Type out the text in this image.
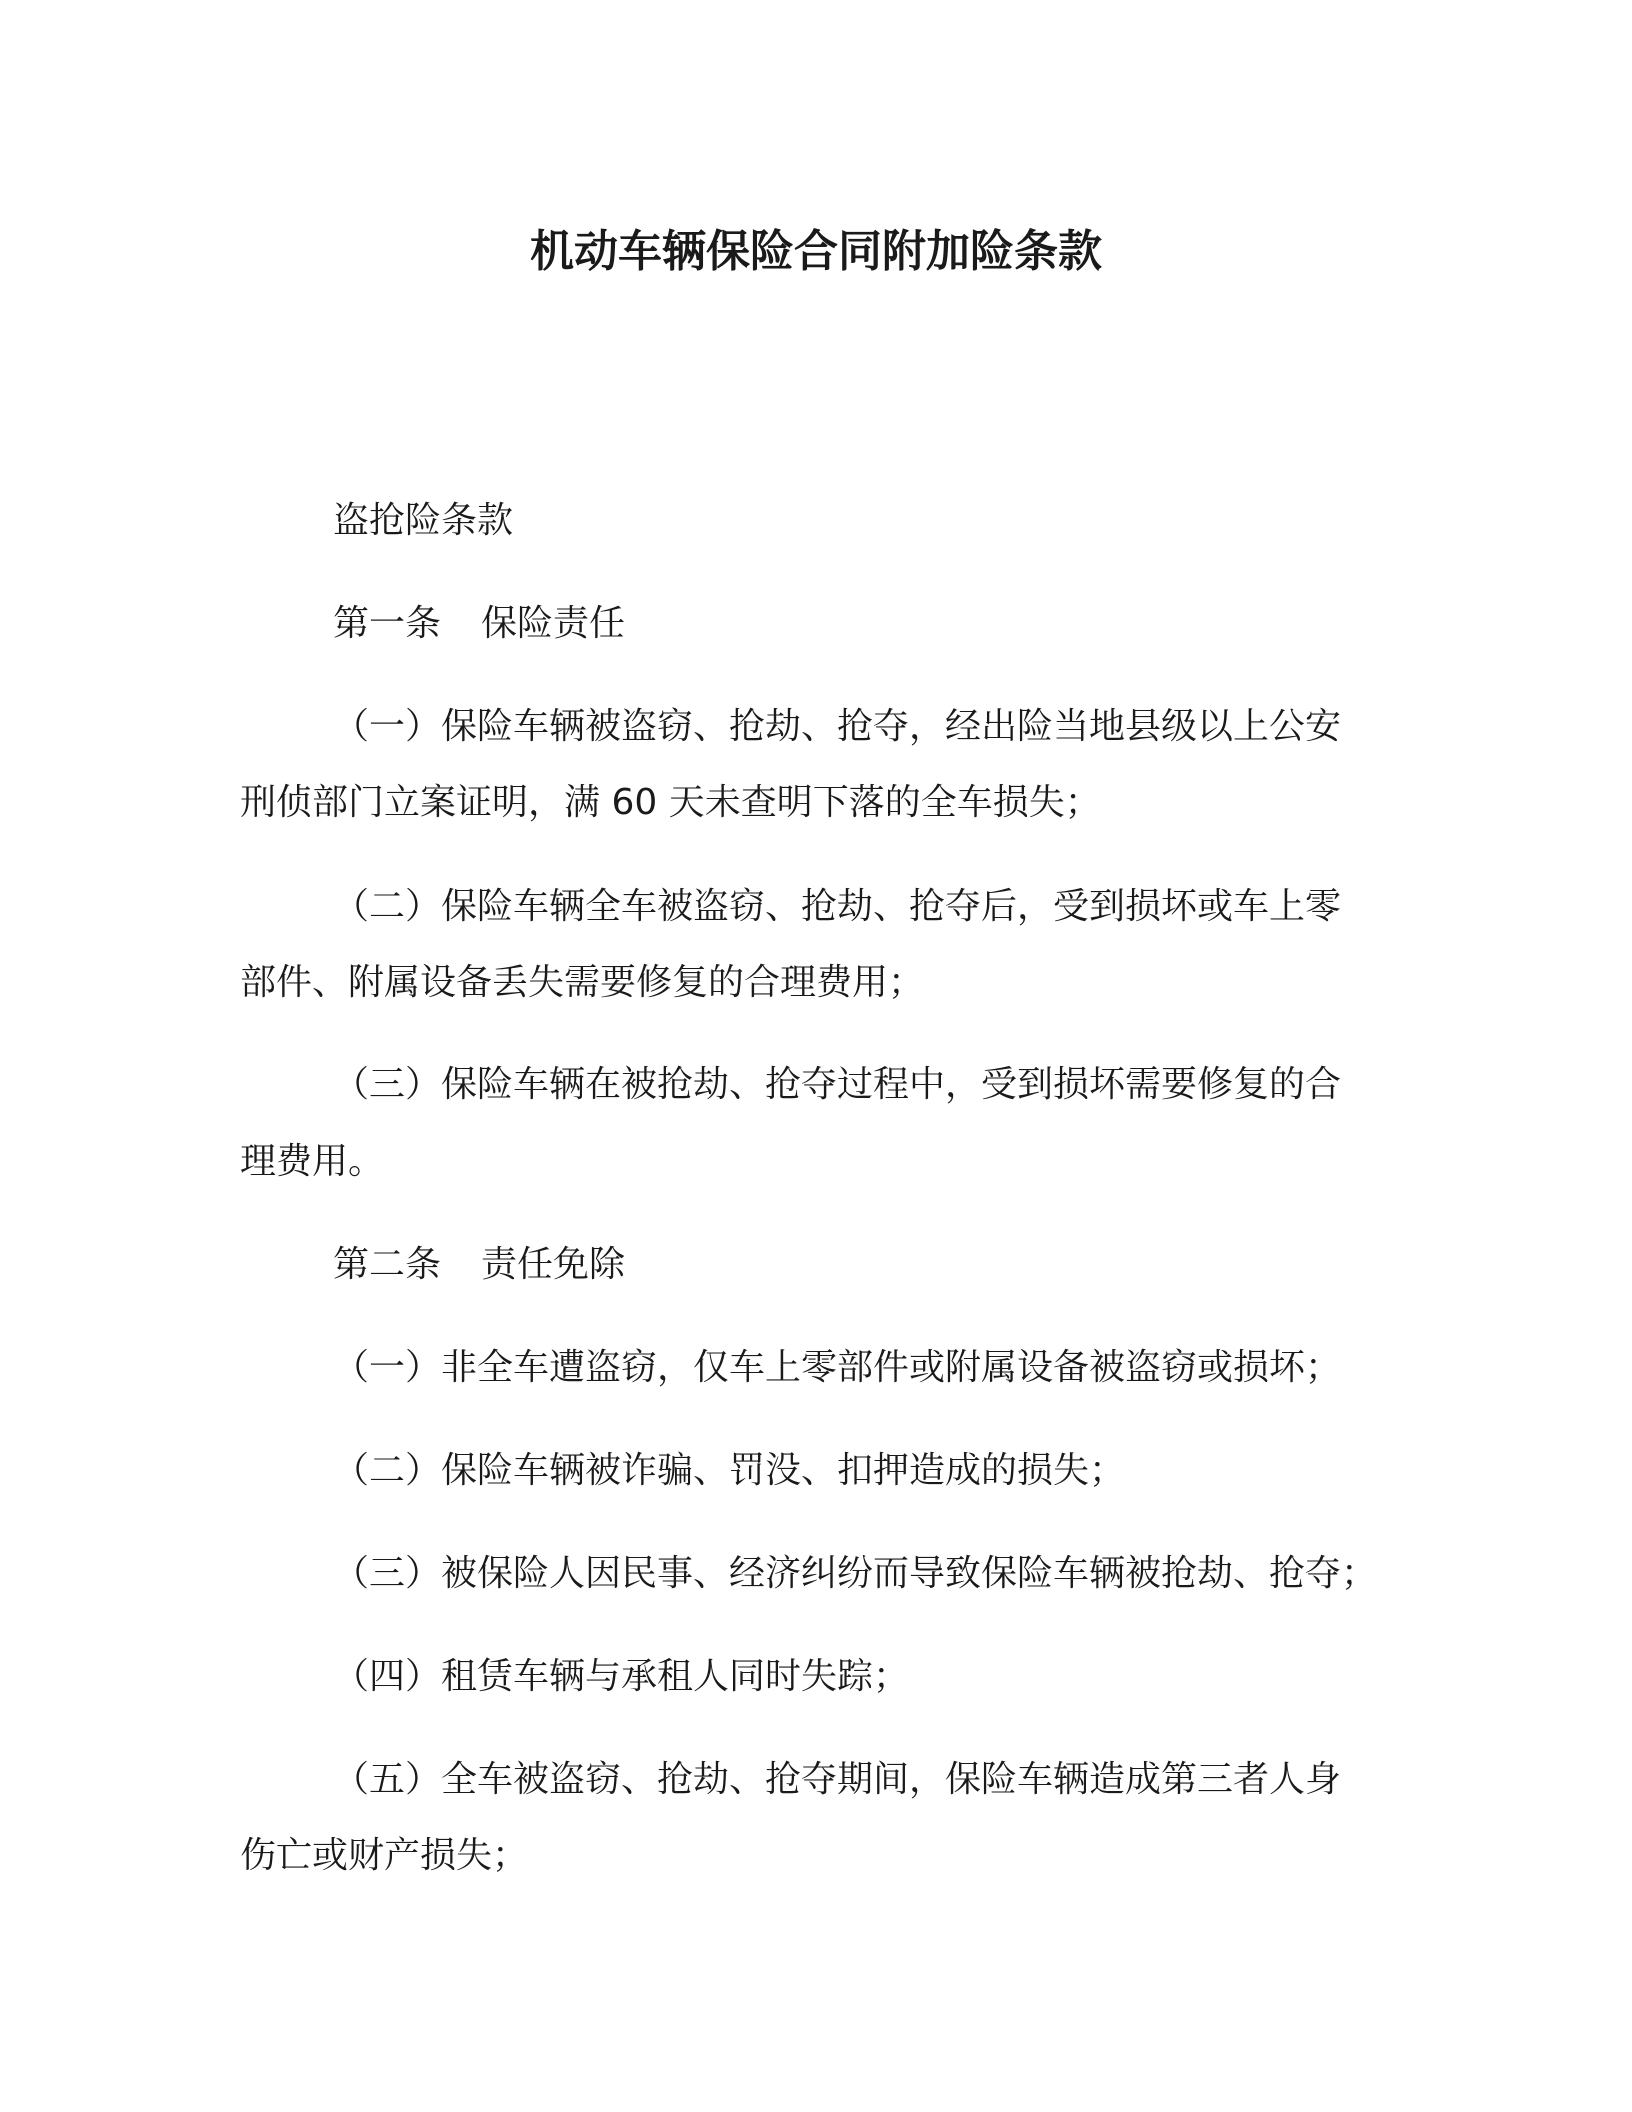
机动车辆保险合同附加险条款

盗抢险条款

第一条 保险责任

（一）保险车辆被盗窃、抢劫、抢夺，经出险当地县级以上公安

刑侦部门立案证明，满 60 天未查明下落的全车损失；

（二）保险车辆全车被盗窃、抢劫、抢夺后，受到损坏或车上零

部件、附属设备丢失需要修复的合理费用；

（三）保险车辆在被抢劫、抢夺过程中，受到损坏需要修复的合

理费用。

第二条 责任免除

（一）非全车遭盗窃，仅车上零部件或附属设备被盗窃或损坏；

（二）保险车辆被诈骗、罚没、扣押造成的损失；

（三）被保险人因民事、经济纠纷而导致保险车辆被抢劫、抢夺；

（四）租赁车辆与承租人同时失踪；

（五）全车被盗窃、抢劫、抢夺期间，保险车辆造成第三者人身

伤亡或财产损失；
